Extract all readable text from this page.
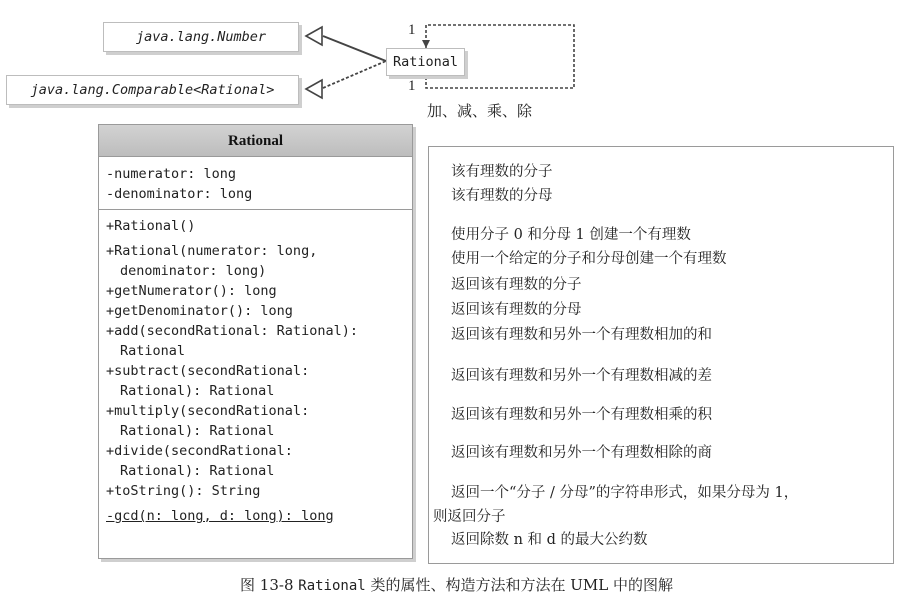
java.lang.Number
java.lang.Comparable<Rational>
Rational
1
1
加、减、乘、除
Rational
-numerator: long
-denominator: long
+Rational()
+Rational(numerator: long,
denominator: long)
+getNumerator(): long
+getDenominator(): long
+add(secondRational: Rational):
Rational
+subtract(secondRational:
Rational): Rational
+multiply(secondRational:
Rational): Rational
+divide(secondRational:
Rational): Rational
+toString(): String
-gcd(n: long, d: long): long
该有理数的分子
该有理数的分母
使用分子 0 和分母 1 创建一个有理数
使用一个给定的分子和分母创建一个有理数
返回该有理数的分子
返回该有理数的分母
返回该有理数和另外一个有理数相加的和
返回该有理数和另外一个有理数相减的差
返回该有理数和另外一个有理数相乘的积
返回该有理数和另外一个有理数相除的商
返回一个“分子 / 分母”的字符串形式，如果分母为 1，
则返回分子
返回除数 n 和 d 的最大公约数
图 13-8 Rational 类的属性、构造方法和方法在 UML 中的图解
